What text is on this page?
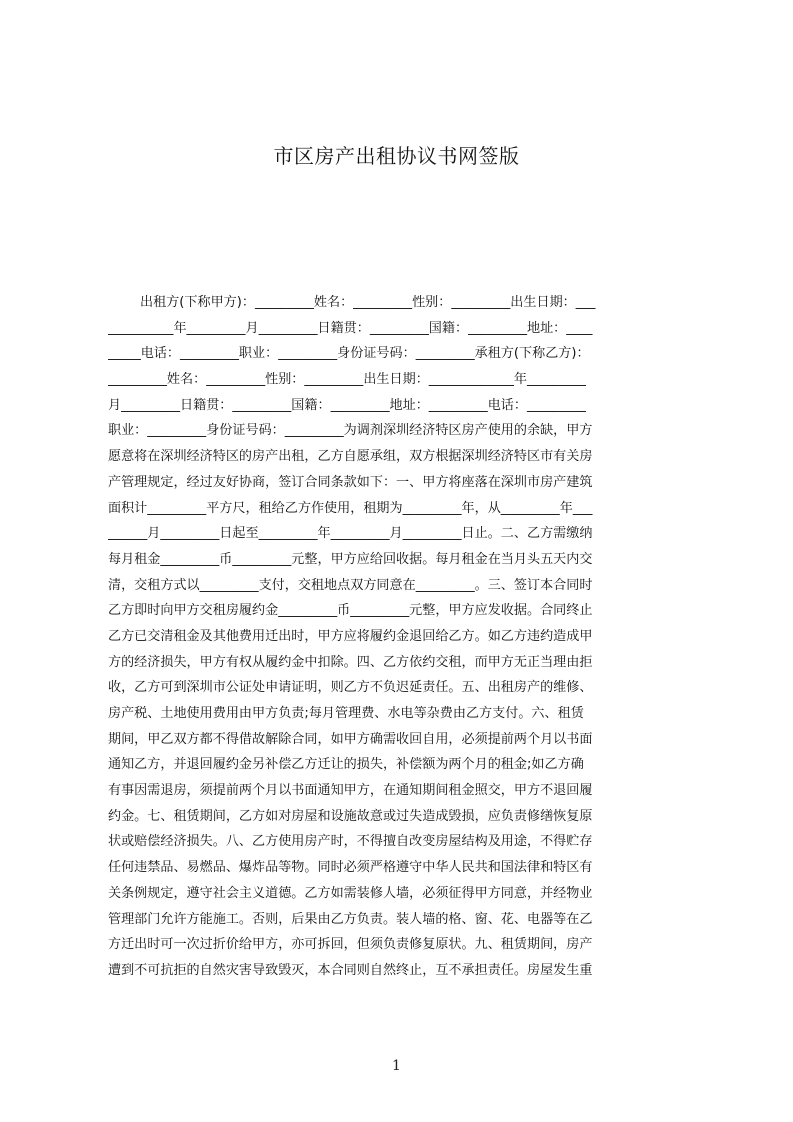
市区房产出租协议书网签版
出租方(下称甲方)：_________姓名：_________性别：_________出生日期：___
__________年_________月_________日籍贯：_________国籍：_________地址：____
_____电话：_________职业：_________身份证号码：_________承租方(下称乙方)：
_________姓名：_________性别：_________出生日期：_____________年_________
月_________日籍贯：_________国籍：_________地址：_________电话：_________
职业：_________身份证号码：_________为调剂深圳经济特区房产使用的余缺，甲方
愿意将在深圳经济特区的房产出租，乙方自愿承组，双方根据深圳经济特区市有关房
产管理规定，经过友好协商，签订合同条款如下：一、甲方将座落在深圳市房产建筑
面积计_________平方尺，租给乙方作使用，租期为_________年，从_________年___
______月_________日起至_________年_________月_________日止。二、乙方需缴纳
每月租金_________币_________元整，甲方应给回收据。每月租金在当月头五天内交
清，交租方式以_________支付，交租地点双方同意在_________。三、签订本合同时
乙方即时向甲方交租房履约金_________币_________元整，甲方应发收据。合同终止
乙方已交清租金及其他费用迁出时，甲方应将履约金退回给乙方。如乙方违约造成甲
方的经济损失，甲方有权从履约金中扣除。四、乙方依约交租，而甲方无正当理由拒
收，乙方可到深圳市公证处申请证明，则乙方不负迟延责任。五、出租房产的维修、
房产税、土地使用费用由甲方负责;每月管理费、水电等杂费由乙方支付。六、租赁
期间，甲乙双方都不得借故解除合同，如甲方确需收回自用，必须提前两个月以书面
通知乙方，并退回履约金另补偿乙方迁让的损失，补偿额为两个月的租金;如乙方确
有事因需退房，须提前两个月以书面通知甲方，在通知期间租金照交，甲方不退回履
约金。七、租赁期间，乙方如对房屋和设施故意或过失造成毁损，应负责修缮恢复原
状或赔偿经济损失。八、乙方使用房产时，不得擅自改变房屋结构及用途，不得贮存
任何违禁品、易燃品、爆炸品等物。同时必须严格遵守中华人民共和国法律和特区有
关条例规定，遵守社会主义道德。乙方如需装修人墙，必须征得甲方同意，并经物业
管理部门允许方能施工。否则，后果由乙方负责。装人墙的格、窗、花、电器等在乙
方迁出时可一次过折价给甲方，亦可拆回，但须负责修复原状。九、租赁期间，房产
遭到不可抗拒的自然灾害导致毁灭，本合同则自然终止，互不承担责任。房屋发生重
1
